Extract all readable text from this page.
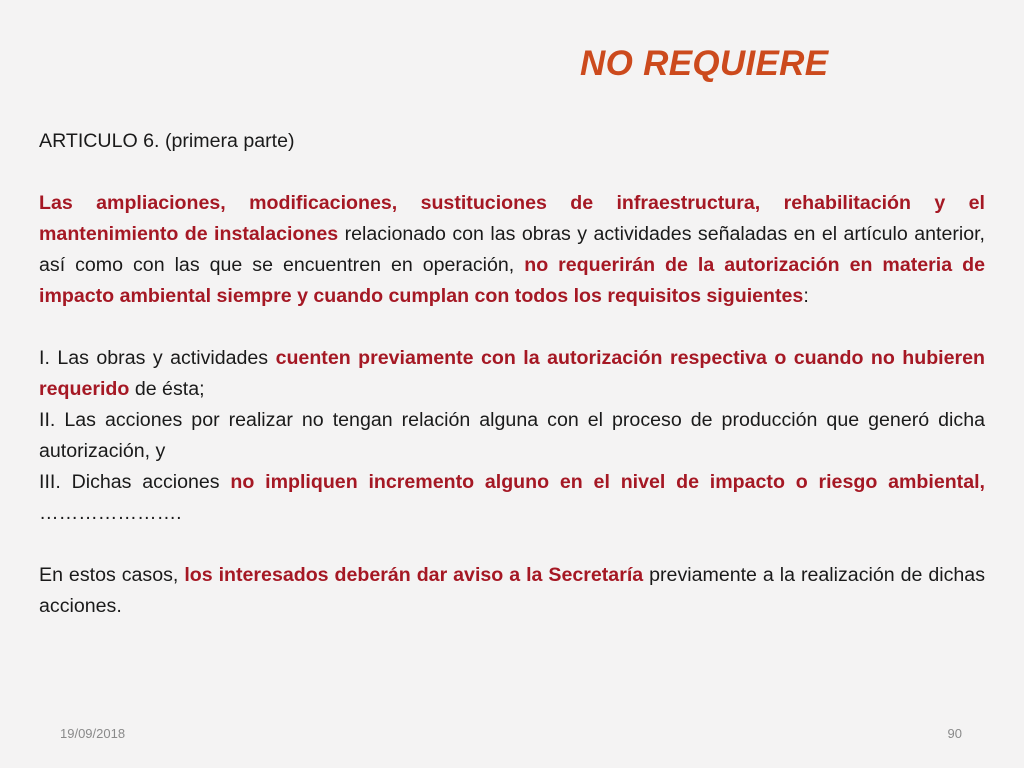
NO REQUIERE

ARTICULO 6. (primera parte)

Las ampliaciones, modificaciones, sustituciones de infraestructura, rehabilitación y el mantenimiento de instalaciones relacionado con las obras y actividades señaladas en el artículo anterior, así como con las que se encuentren en operación, no requerirán de la autorización en materia de impacto ambiental siempre y cuando cumplan con todos los requisitos siguientes:

I. Las obras y actividades cuenten previamente con la autorización respectiva o cuando no hubieren requerido de ésta;

II. Las acciones por realizar no tengan relación alguna con el proceso de producción que generó dicha autorización, y

III. Dichas acciones no impliquen incremento alguno en el nivel de impacto o riesgo ambiental, ………………….

En estos casos, los interesados deberán dar aviso a la Secretaría previamente a la realización de dichas acciones.

19/09/2018	90
